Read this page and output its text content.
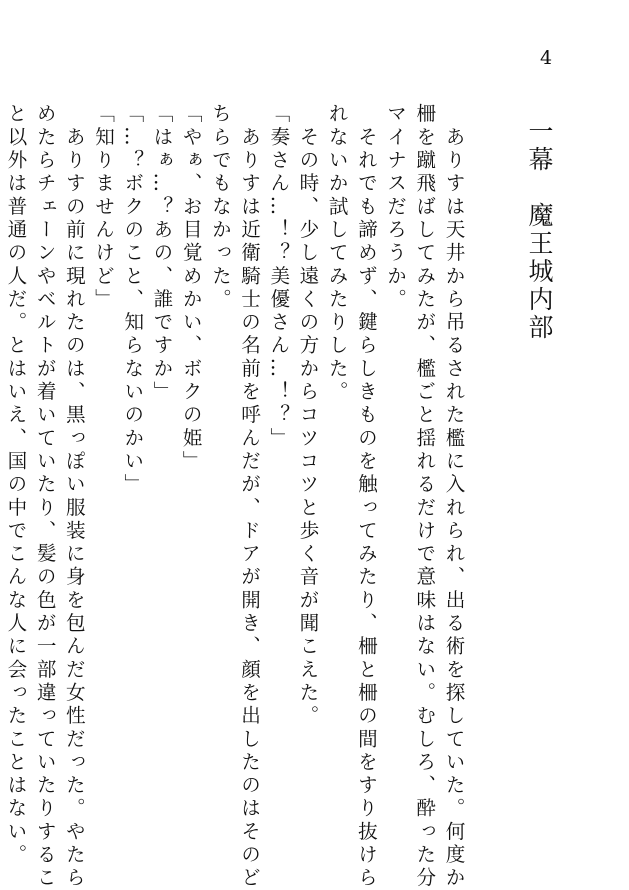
4
一幕　魔王城内部
　ありすは天井から吊るされた檻に入れられ、出る術を探していた。何度か
柵を蹴飛ばしてみたが、檻ごと揺れるだけで意味はない。むしろ、酔った分
マイナスだろうか。
　それでも諦めず、鍵らしきものを触ってみたり、柵と柵の間をすり抜けら
れないか試してみたりした。
　その時、少し遠くの方からコツコツと歩く音が聞こえた。
「奏さん…！？美優さん…！？」
　ありすは近衛騎士の名前を呼んだが、ドアが開き、顔を出したのはそのど
ちらでもなかった。
「やぁ、お目覚めかい、ボクの姫」
「はぁ…？あの、誰ですか」
「…？ボクのこと、知らないのかい」
「知りませんけど」
　ありすの前に現れたのは、黒っぽい服装に身を包んだ女性だった。やたら
めたらチェーンやベルトが着いていたり、髪の色が一部違っていたりするこ
と以外は普通の人だ。とはいえ、国の中でこんな人に会ったことはない。
